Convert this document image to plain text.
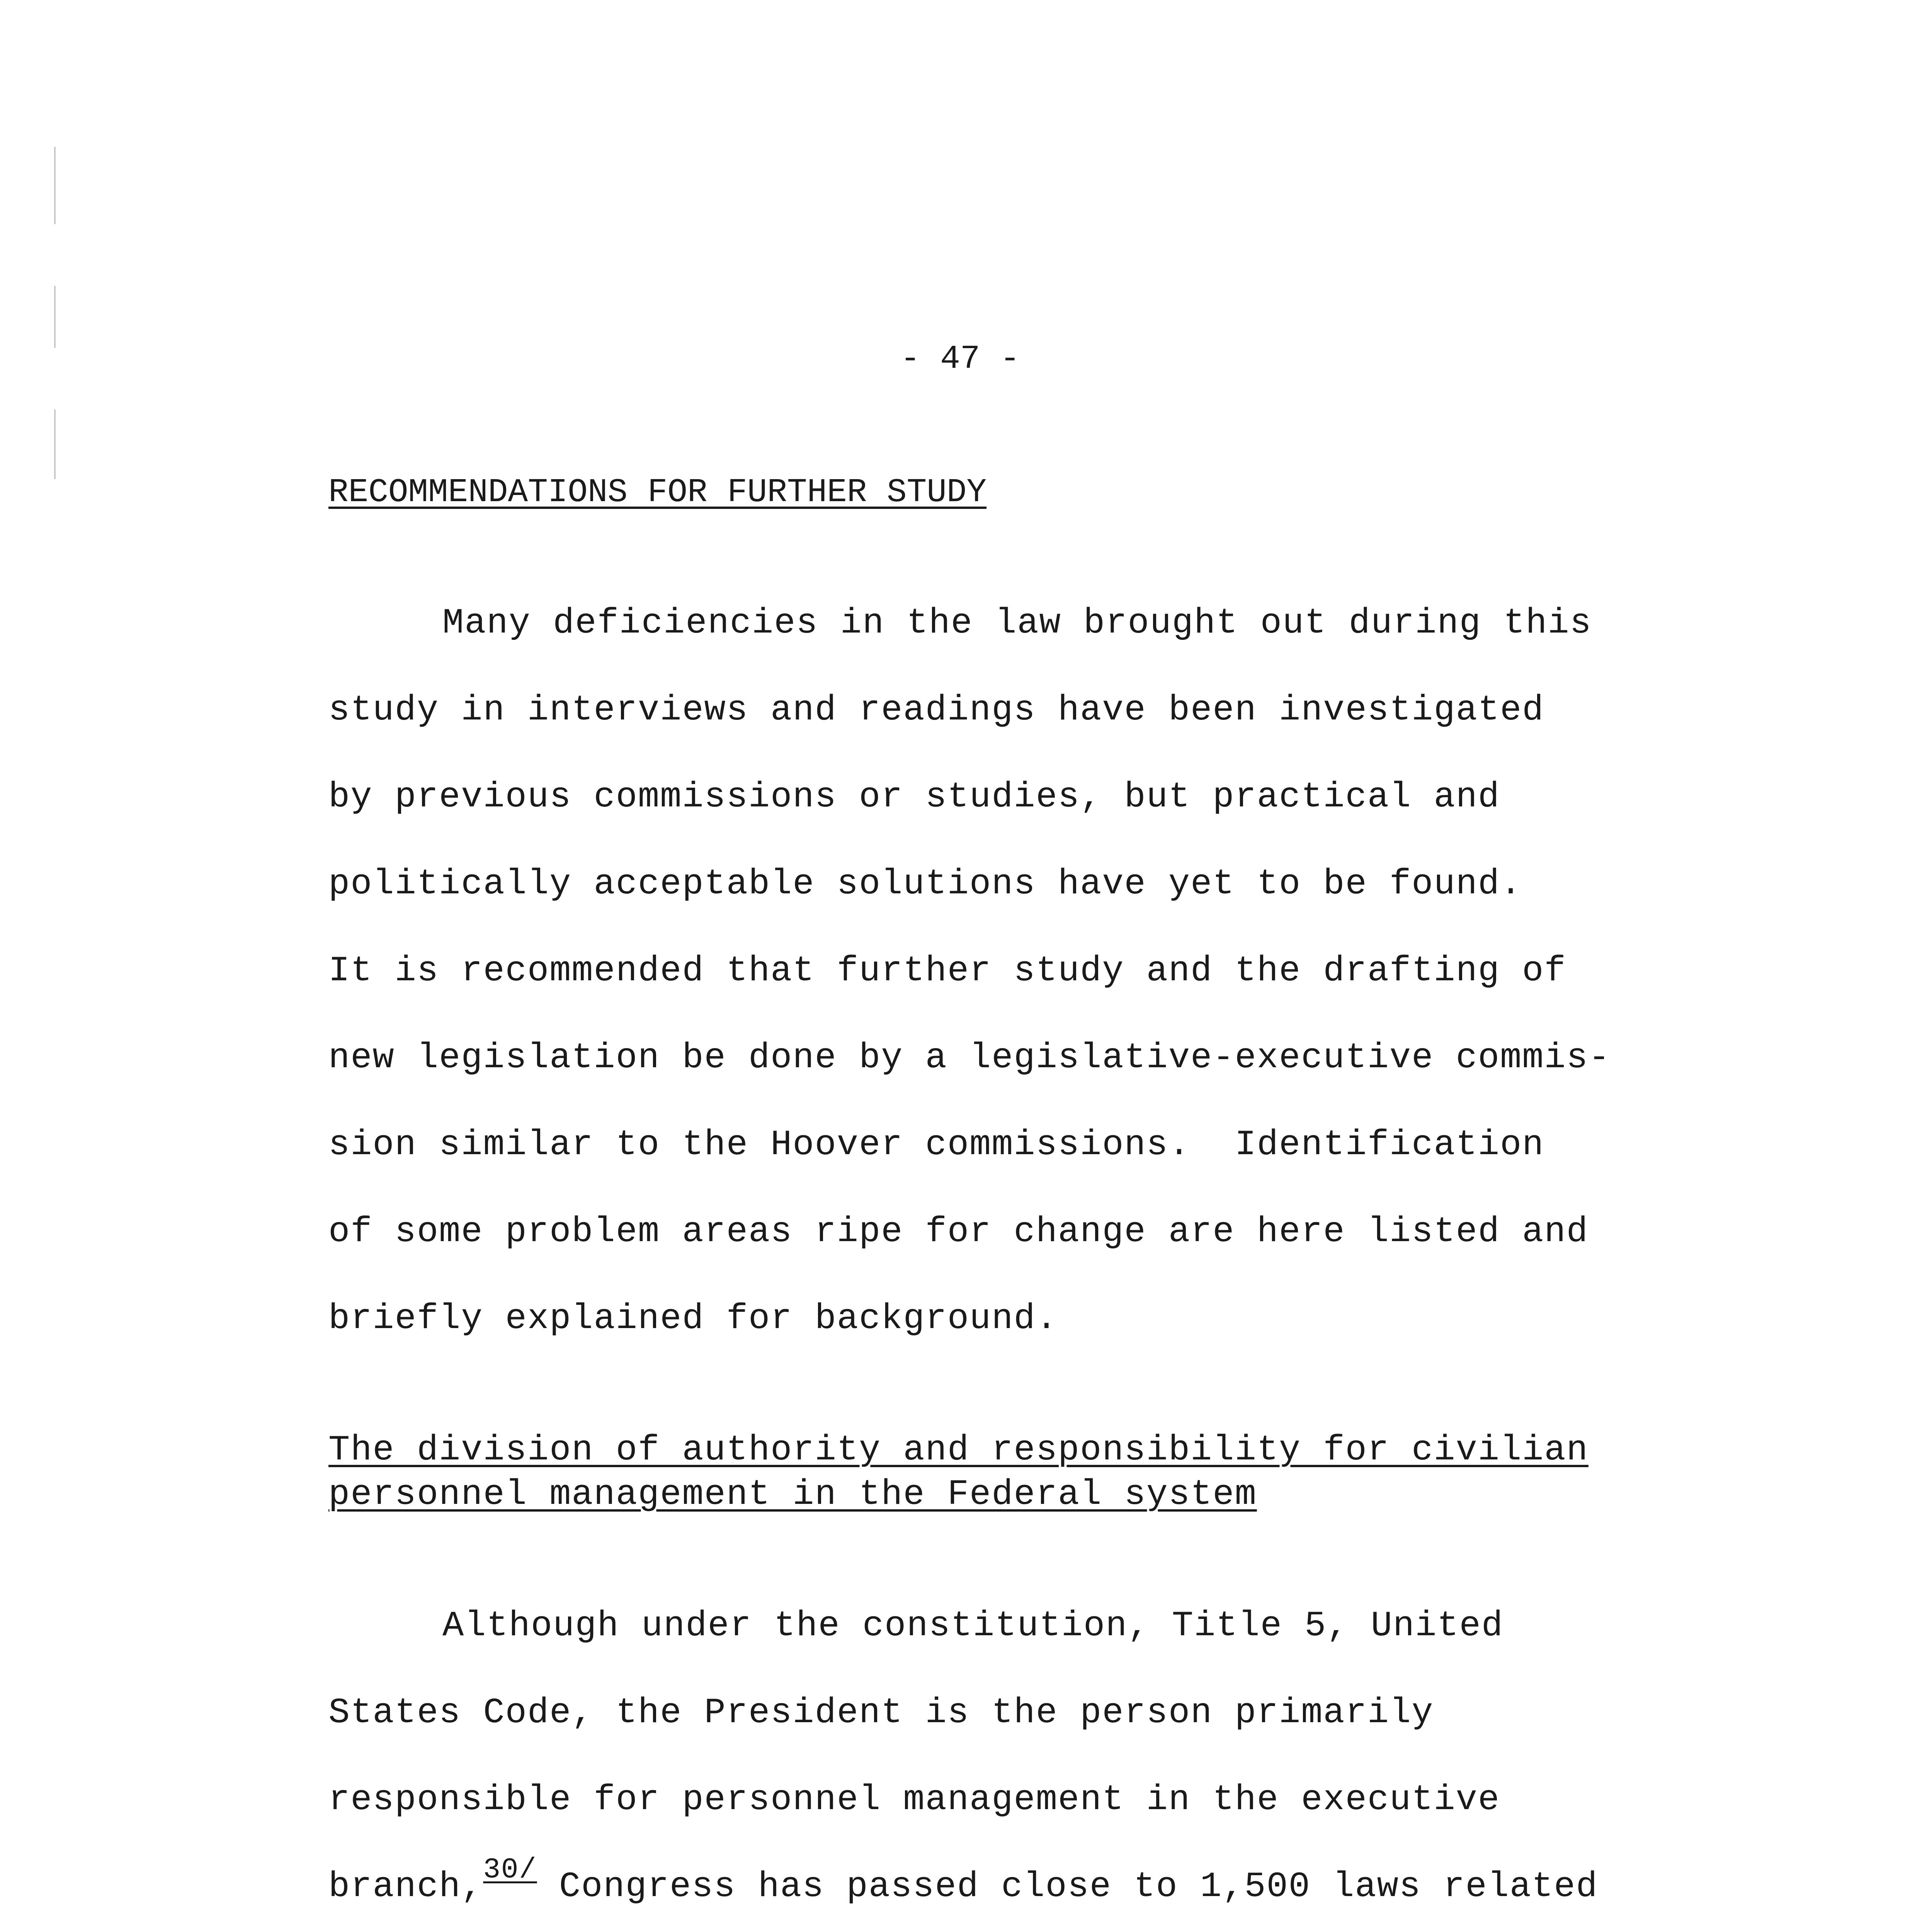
- 47 -
RECOMMENDATIONS FOR FURTHER STUDY
Many deficiencies in the law brought out during this
study in interviews and readings have been investigated
by previous commissions or studies, but practical and
politically acceptable solutions have yet to be found.
It is recommended that further study and the drafting of
new legislation be done by a legislative-executive commis-
sion similar to the Hoover commissions.  Identification
of some problem areas ripe for change are here listed and
briefly explained for background.
The division of authority and responsibility for civilian
personnel management in the Federal system
Although under the constitution, Title 5, United
States Code, the President is the person primarily
responsible for personnel management in the executive
branch,30/ Congress has passed close to 1,500 laws related
